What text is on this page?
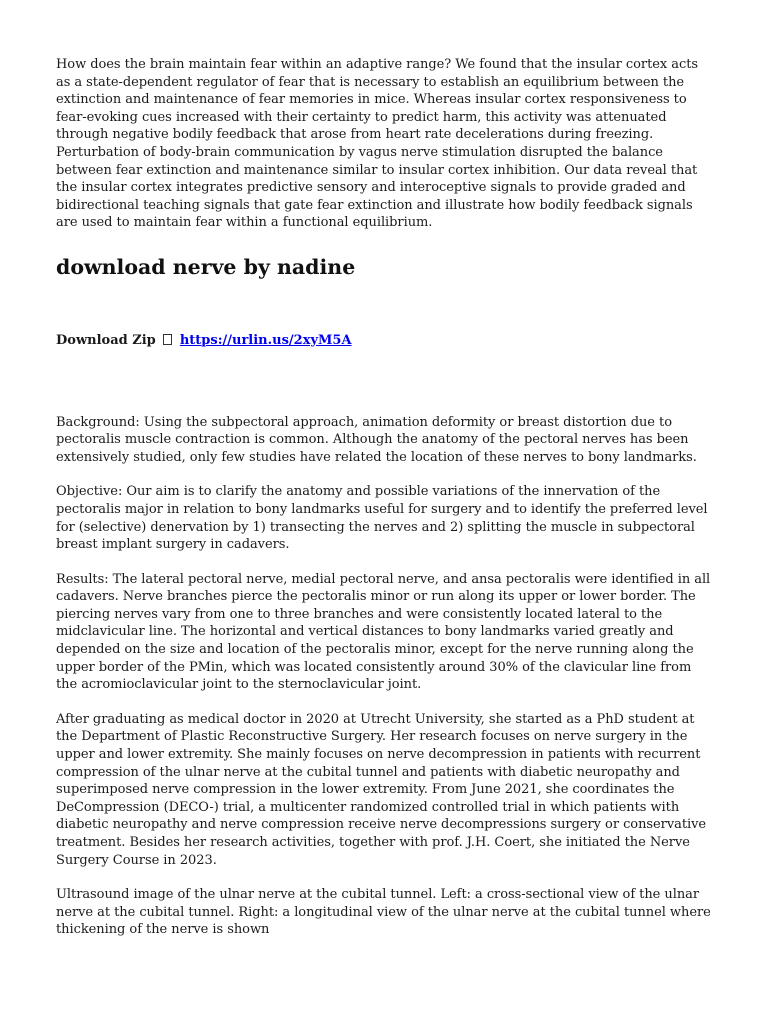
How does the brain maintain fear within an adaptive range? We found that the insular cortex acts as a state-dependent regulator of fear that is necessary to establish an equilibrium between the extinction and maintenance of fear memories in mice. Whereas insular cortex responsiveness to fear-evoking cues increased with their certainty to predict harm, this activity was attenuated through negative bodily feedback that arose from heart rate decelerations during freezing. Perturbation of body-brain communication by vagus nerve stimulation disrupted the balance between fear extinction and maintenance similar to insular cortex inhibition. Our data reveal that the insular cortex integrates predictive sensory and interoceptive signals to provide graded and bidirectional teaching signals that gate fear extinction and illustrate how bodily feedback signals are used to maintain fear within a functional equilibrium.

download nerve by nadine
Download Zip https://urlin.us/2xyM5A

Background: Using the subpectoral approach, animation deformity or breast distortion due to pectoralis muscle contraction is common. Although the anatomy of the pectoral nerves has been extensively studied, only few studies have related the location of these nerves to bony landmarks.

Objective: Our aim is to clarify the anatomy and possible variations of the innervation of the pectoralis major in relation to bony landmarks useful for surgery and to identify the preferred level for (selective) denervation by 1) transecting the nerves and 2) splitting the muscle in subpectoral breast implant surgery in cadavers.

Results: The lateral pectoral nerve, medial pectoral nerve, and ansa pectoralis were identified in all cadavers. Nerve branches pierce the pectoralis minor or run along its upper or lower border. The piercing nerves vary from one to three branches and were consistently located lateral to the midclavicular line. The horizontal and vertical distances to bony landmarks varied greatly and depended on the size and location of the pectoralis minor, except for the nerve running along the upper border of the PMin, which was located consistently around 30% of the clavicular line from the acromioclavicular joint to the sternoclavicular joint.

After graduating as medical doctor in 2020 at Utrecht University, she started as a PhD student at the Department of Plastic Reconstructive Surgery. Her research focuses on nerve surgery in the upper and lower extremity. She mainly focuses on nerve decompression in patients with recurrent compression of the ulnar nerve at the cubital tunnel and patients with diabetic neuropathy and superimposed nerve compression in the lower extremity. From June 2021, she coordinates the DeCompression (DECO-) trial, a multicenter randomized controlled trial in which patients with diabetic neuropathy and nerve compression receive nerve decompressions surgery or conservative treatment. Besides her research activities, together with prof. J.H. Coert, she initiated the Nerve Surgery Course in 2023.

Ultrasound image of the ulnar nerve at the cubital tunnel. Left: a cross-sectional view of the ulnar nerve at the cubital tunnel. Right: a longitudinal view of the ulnar nerve at the cubital tunnel where thickening of the nerve is shown
